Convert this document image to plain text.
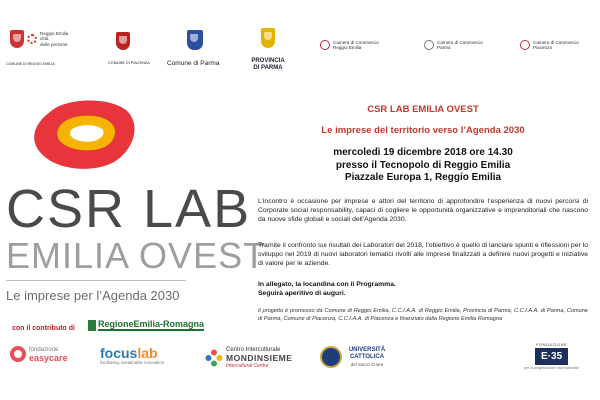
Reggio Emilia
città
delle persone
COMUNE DI REGGIO EMILIA	COMUNE DI PIACENZA	Comune di Parma	PROVINCIA DI PARMA
Camera di Commercio
Reggio Emilia
Camera di Commercio
Parma
Camera di Commercio
Piacenza
CSR LAB
EMILIA OVEST
Le imprese per l’Agenda 2030
con il contributo di	RegioneEmilia-Romagna
CSR LAB EMILIA OVEST
Le imprese del territorio verso l’Agenda 2030
mercoledì 19 dicembre 2018 ore 14.30
presso il Tecnopolo di Reggio Emilia
Piazzale Europa 1, Reggio Emilia
L’incontro è occasione per imprese e attori del territorio di approfondire l’esperienza di nuovi percorsi di Corporate social responsability, capaci di cogliere le opportunità organizzative e imprenditoriali che nascono da nuove sfide globali e sociali dell’Agenda 2030.
Tramite il confronto sui risultati dei Laboratori del 2018, l’obiettivo è quello di lanciare spunti e riflessioni per lo sviluppo nel 2019 di nuovi laboratori tematici rivolti alle imprese finalizzati a definire nuovi progetti e iniziative di valore per le aziende.
In allegato, la locandina con il Programma.
Seguirà aperitivo di auguri.
Il progetto è promosso da Comune di Reggio Emilia, C.C.I.A.A. di Reggio Emilia, Provincia di Parma, C.C.I.A.A. di Parma, Comune di Parma, Comune di Piacenza, C.C.I.A.A. di Piacenza e finanziato dalla Regione Emilia Romagna
fondazione
easycare focuslab
facilitating sustainable innovation
Centro Interculturale
MONDINSIEME
Intercultural Centre
UNIVERSITÀ CATTOLICA
del Sacro Cuore
FONDAZIONE
E·35
per la progettazione internazionale
